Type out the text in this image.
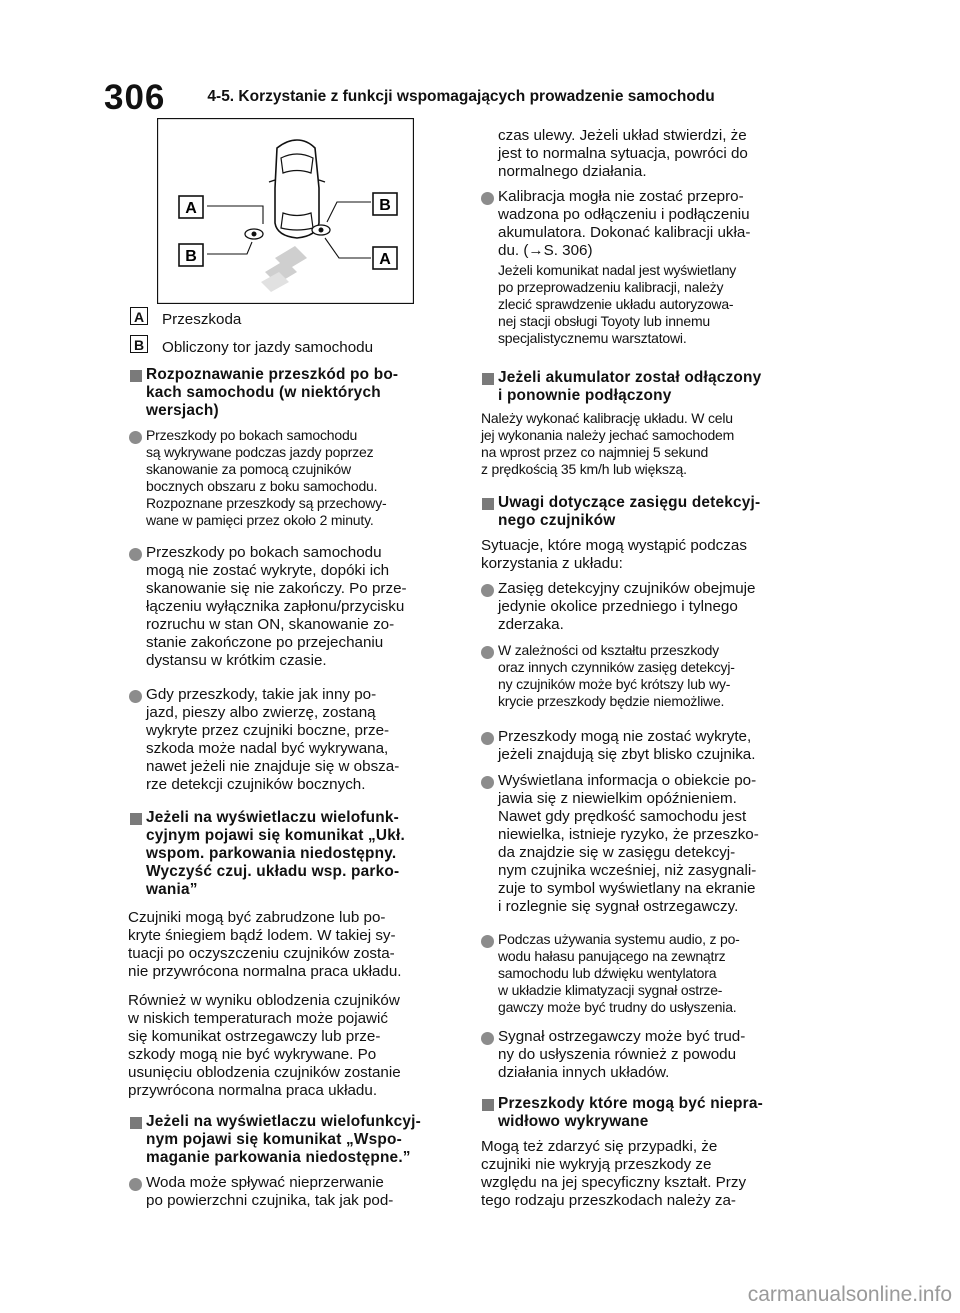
306	4-5. Korzystanie z funkcji wspomagających prowadzenie samochodu
A	B
B	A
A Przeszkoda
B Obliczony tor jazdy samochodu
Rozpoznawanie przeszkód po bo-
kach samochodu (w niektórych
wersjach)
Przeszkody po bokach samochodu
są wykrywane podczas jazdy poprzez
skanowanie za pomocą czujników
bocznych obszaru z boku samochodu.
Rozpoznane przeszkody są przechowy-
wane w pamięci przez około 2 minuty.
Przeszkody po bokach samochodu
mogą nie zostać wykryte, dopóki ich
skanowanie się nie zakończy. Po prze-
łączeniu wyłącznika zapłonu/przycisku
rozruchu w stan ON, skanowanie zo-
stanie zakończone po przejechaniu
dystansu w krótkim czasie.
Gdy przeszkody, takie jak inny po-
jazd, pieszy albo zwierzę, zostaną
wykryte przez czujniki boczne, prze-
szkoda może nadal być wykrywana,
nawet jeżeli nie znajduje się w obsza-
rze detekcji czujników bocznych.
Jeżeli na wyświetlaczu wielofunk-
cyjnym pojawi się komunikat „Ukł.
wspom. parkowania niedostępny.
Wyczyść czuj. układu wsp. parko-
wania”
Czujniki mogą być zabrudzone lub po-
kryte śniegiem bądź lodem. W takiej sy-
tuacji po oczyszczeniu czujników zosta-
nie przywrócona normalna praca układu.
Również w wyniku oblodzenia czujników
w niskich temperaturach może pojawić
się komunikat ostrzegawczy lub prze-
szkody mogą nie być wykrywane. Po
usunięciu oblodzenia czujników zostanie
przywrócona normalna praca układu.
Jeżeli na wyświetlaczu wielofunkcyj-
nym pojawi się komunikat „Wspo-
maganie parkowania niedostępne.”
Woda może spływać nieprzerwanie
po powierzchni czujnika, tak jak pod-
czas ulewy. Jeżeli układ stwierdzi, że
jest to normalna sytuacja, powróci do
normalnego działania.
Kalibracja mogła nie zostać przepro-
wadzona po odłączeniu i podłączeniu
akumulatora. Dokonać kalibracji ukła-
du. (→S. 306)
Jeżeli komunikat nadal jest wyświetlany
po przeprowadzeniu kalibracji, należy
zlecić sprawdzenie układu autoryzowa-
nej stacji obsługi Toyoty lub innemu
specjalistycznemu warsztatowi.
Jeżeli akumulator został odłączony
i ponownie podłączony
Należy wykonać kalibrację układu. W celu
jej wykonania należy jechać samochodem
na wprost przez co najmniej 5 sekund
z prędkością 35 km/h lub większą.
Uwagi dotyczące zasięgu detekcyj-
nego czujników
Sytuacje, które mogą wystąpić podczas
korzystania z układu:
Zasięg detekcyjny czujników obejmuje
jedynie okolice przedniego i tylnego
zderzaka.
W zależności od kształtu przeszkody
oraz innych czynników zasięg detekcyj-
ny czujników może być krótszy lub wy-
krycie przeszkody będzie niemożliwe.
Przeszkody mogą nie zostać wykryte,
jeżeli znajdują się zbyt blisko czujnika.
Wyświetlana informacja o obiekcie po-
jawia się z niewielkim opóźnieniem.
Nawet gdy prędkość samochodu jest
niewielka, istnieje ryzyko, że przeszko-
da znajdzie się w zasięgu detekcyj-
nym czujnika wcześniej, niż zasygnali-
zuje to symbol wyświetlany na ekranie
i rozlegnie się sygnał ostrzegawczy.
Podczas używania systemu audio, z po-
wodu hałasu panującego na zewnątrz
samochodu lub dźwięku wentylatora
w układzie klimatyzacji sygnał ostrze-
gawczy może być trudny do usłyszenia.
Sygnał ostrzegawczy może być trud-
ny do usłyszenia również z powodu
działania innych układów.
Przeszkody które mogą być niepra-
widłowo wykrywane
Mogą też zdarzyć się przypadki, że
czujniki nie wykryją przeszkody ze
względu na jej specyficzny kształt. Przy
tego rodzaju przeszkodach należy za-
carmanualsonline.info
